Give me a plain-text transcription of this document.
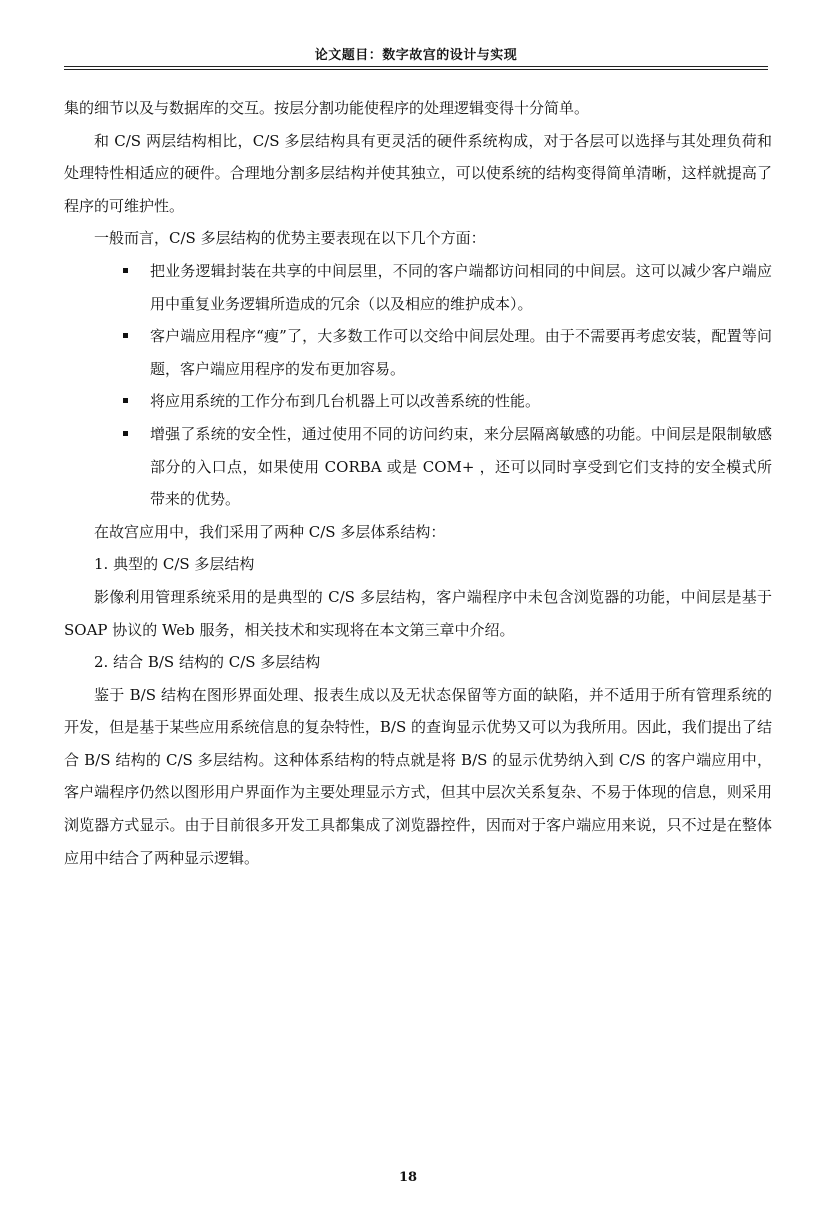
论文题目：数字故宫的设计与实现

集的细节以及与数据库的交互。按层分割功能使程序的处理逻辑变得十分简单。

和 C/S 两层结构相比，C/S 多层结构具有更灵活的硬件系统构成，对于各层可以选择与其处理负荷和处理特性相适应的硬件。合理地分割多层结构并使其独立，可以使系统的结构变得简单清晰，这样就提高了程序的可维护性。

一般而言，C/S 多层结构的优势主要表现在以下几个方面：

把业务逻辑封装在共享的中间层里，不同的客户端都访问相同的中间层。这可以减少客户端应用中重复业务逻辑所造成的冗余（以及相应的维护成本）。
客户端应用程序“瘦”了，大多数工作可以交给中间层处理。由于不需要再考虑安装，配置等问题，客户端应用程序的发布更加容易。
将应用系统的工作分布到几台机器上可以改善系统的性能。
增强了系统的安全性，通过使用不同的访问约束，来分层隔离敏感的功能。中间层是限制敏感部分的入口点，如果使用 CORBA 或是 COM+ ，还可以同时享受到它们支持的安全模式所带来的优势。

在故宫应用中，我们采用了两种 C/S 多层体系结构：

1. 典型的 C/S 多层结构

影像利用管理系统采用的是典型的 C/S 多层结构，客户端程序中未包含浏览器的功能，中间层是基于 SOAP 协议的 Web 服务，相关技术和实现将在本文第三章中介绍。

2. 结合 B/S 结构的 C/S 多层结构

鉴于 B/S 结构在图形界面处理、报表生成以及无状态保留等方面的缺陷，并不适用于所有管理系统的开发，但是基于某些应用系统信息的复杂特性，B/S 的查询显示优势又可以为我所用。因此，我们提出了结合 B/S 结构的 C/S 多层结构。这种体系结构的特点就是将 B/S 的显示优势纳入到 C/S 的客户端应用中，客户端程序仍然以图形用户界面作为主要处理显示方式，但其中层次关系复杂、不易于体现的信息，则采用浏览器方式显示。由于目前很多开发工具都集成了浏览器控件，因而对于客户端应用来说，只不过是在整体应用中结合了两种显示逻辑。

18
